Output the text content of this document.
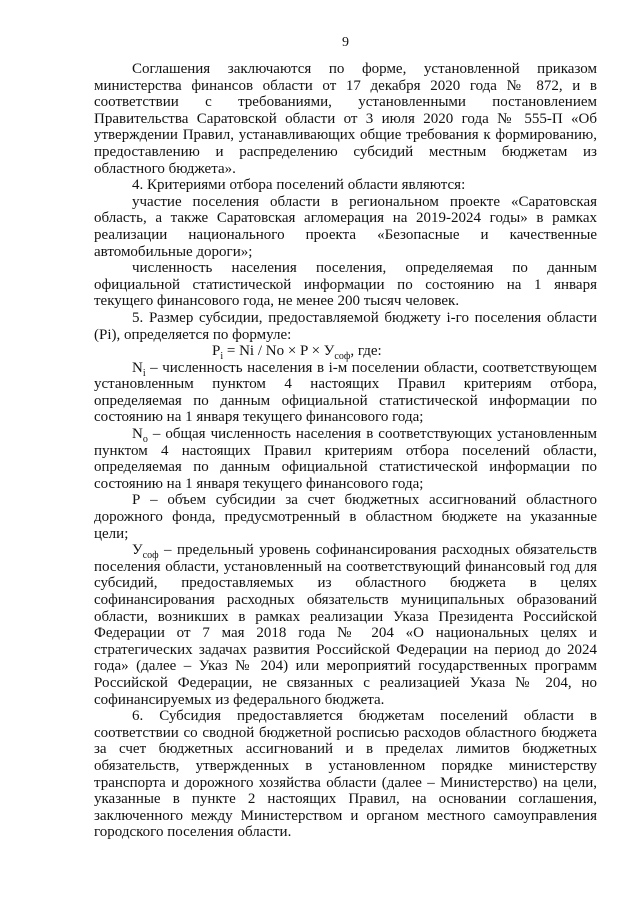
9

Соглашения заключаются по форме, установленной приказом министерства финансов области от 17 декабря 2020 года № 872, и в соответствии с требованиями, установленными постановлением Правительства Саратовской области от 3 июля 2020 года № 555-П «Об утверждении Правил, устанавливающих общие требования к формированию, предоставлению и распределению субсидий местным бюджетам из областного бюджета».

4. Критериями отбора поселений области являются:

участие поселения области в региональном проекте «Саратовская область, а также Саратовская агломерация на 2019-2024 годы» в рамках реализации национального проекта «Безопасные и качественные автомобильные дороги»;

численность населения поселения, определяемая по данным официальной статистической информации по состоянию на 1 января текущего финансового года, не менее 200 тысяч человек.

5. Размер субсидии, предоставляемой бюджету i-го поселения области (Pi), определяется по формуле:

$P_i = Ni / No \times P \times У_{соф}$, где:

$N_i$ – численность населения в i-м поселении области, соответствующем установленным пунктом 4 настоящих Правил критериям отбора, определяемая по данным официальной статистической информации по состоянию на 1 января текущего финансового года;

$N_o$ – общая численность населения в соответствующих установленным пунктом 4 настоящих Правил критериям отбора поселений области, определяемая по данным официальной статистической информации по состоянию на 1 января текущего финансового года;

Р – объем субсидии за счет бюджетных ассигнований областного дорожного фонда, предусмотренный в областном бюджете на указанные цели;

$У_{соф}$ – предельный уровень софинансирования расходных обязательств поселения области, установленный на соответствующий финансовый год для субсидий, предоставляемых из областного бюджета в целях софинансирования расходных обязательств муниципальных образований области, возникших в рамках реализации Указа Президента Российской Федерации от 7 мая 2018 года № 204 «О национальных целях и стратегических задачах развития Российской Федерации на период до 2024 года» (далее – Указ № 204) или мероприятий государственных программ Российской Федерации, не связанных с реализацией Указа № 204, но софинансируемых из федерального бюджета.

6. Субсидия предоставляется бюджетам поселений области в соответствии со сводной бюджетной росписью расходов областного бюджета за счет бюджетных ассигнований и в пределах лимитов бюджетных обязательств, утвержденных в установленном порядке министерству транспорта и дорожного хозяйства области (далее – Министерство) на цели, указанные в пункте 2 настоящих Правил, на основании соглашения, заключенного между Министерством и органом местного самоуправления городского поселения области.
